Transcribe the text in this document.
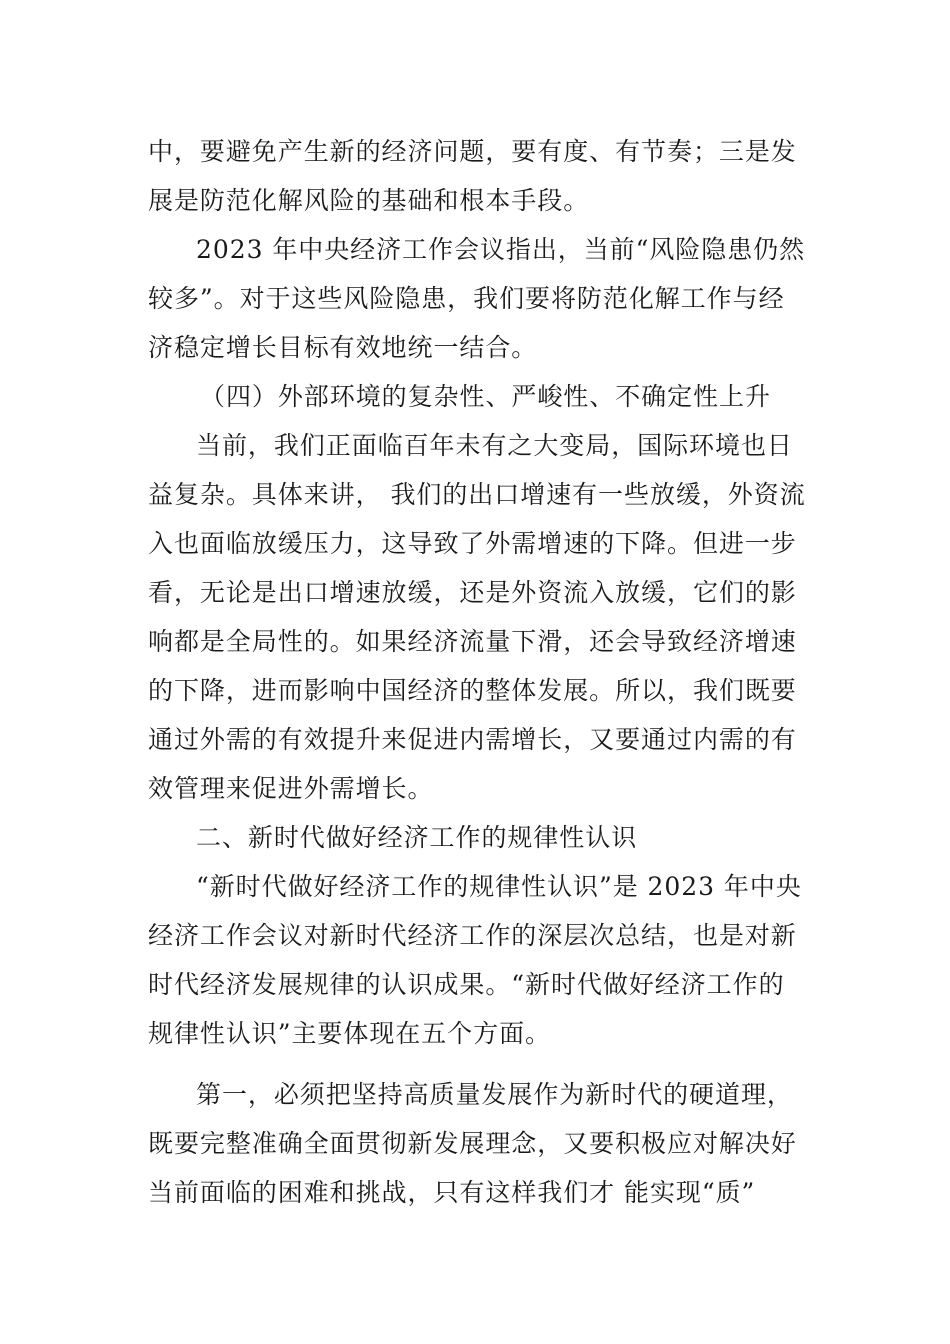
中，要避免产生新的经济问题，要有度、有节奏；三是发
展是防范化解风险的基础和根本手段。
2023 年中央经济工作会议指出，当前“风险隐患仍然
较多”。对于这些风险隐患，我们要将防范化解工作与经
济稳定增长目标有效地统一结合。
（四）外部环境的复杂性、严峻性、不确定性上升
当前，我们正面临百年未有之大变局，国际环境也日
益复杂。具体来讲， 我们的出口增速有一些放缓，外资流
入也面临放缓压力，这导致了外需增速的下降。但进一步
看，无论是出口增速放缓，还是外资流入放缓，它们的影
响都是全局性的。如果经济流量下滑，还会导致经济增速
的下降，进而影响中国经济的整体发展。所以，我们既要
通过外需的有效提升来促进内需增长，又要通过内需的有
效管理来促进外需增长。
二、新时代做好经济工作的规律性认识
“新时代做好经济工作的规律性认识”是 2023 年中央
经济工作会议对新时代经济工作的深层次总结，也是对新
时代经济发展规律的认识成果。“新时代做好经济工作的
规律性认识”主要体现在五个方面。
第一，必须把坚持高质量发展作为新时代的硬道理，
既要完整准确全面贯彻新发展理念，又要积极应对解决好
当前面临的困难和挑战，只有这样我们才 能实现“质”
